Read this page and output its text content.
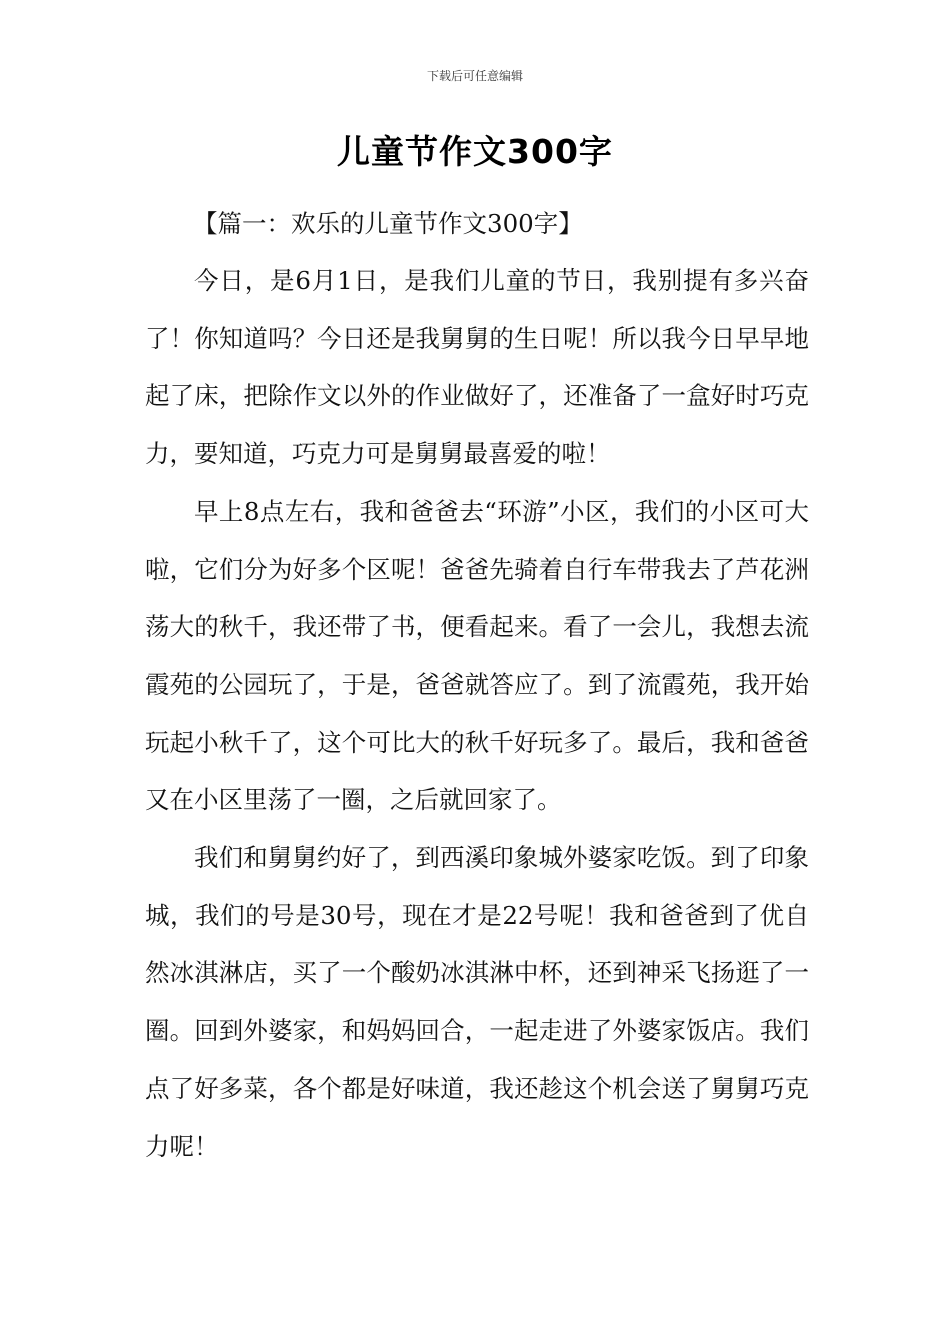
下载后可任意编辑
儿童节作文300字

【篇一：欢乐的儿童节作文300字】

今日，是6月1日，是我们儿童的节日，我别提有多兴奋了！你知道吗？今日还是我舅舅的生日呢！所以我今日早早地起了床，把除作文以外的作业做好了，还准备了一盒好时巧克力，要知道，巧克力可是舅舅最喜爱的啦！

早上8点左右，我和爸爸去“环游”小区，我们的小区可大啦，它们分为好多个区呢！爸爸先骑着自行车带我去了芦花洲荡大的秋千，我还带了书，便看起来。看了一会儿，我想去流霞苑的公园玩了，于是，爸爸就答应了。到了流霞苑，我开始玩起小秋千了，这个可比大的秋千好玩多了。最后，我和爸爸又在小区里荡了一圈，之后就回家了。

我们和舅舅约好了，到西溪印象城外婆家吃饭。到了印象城，我们的号是30号，现在才是22号呢！我和爸爸到了优自然冰淇淋店，买了一个酸奶冰淇淋中杯，还到神采飞扬逛了一圈。回到外婆家，和妈妈回合，一起走进了外婆家饭店。我们点了好多菜，各个都是好味道，我还趁这个机会送了舅舅巧克力呢！
